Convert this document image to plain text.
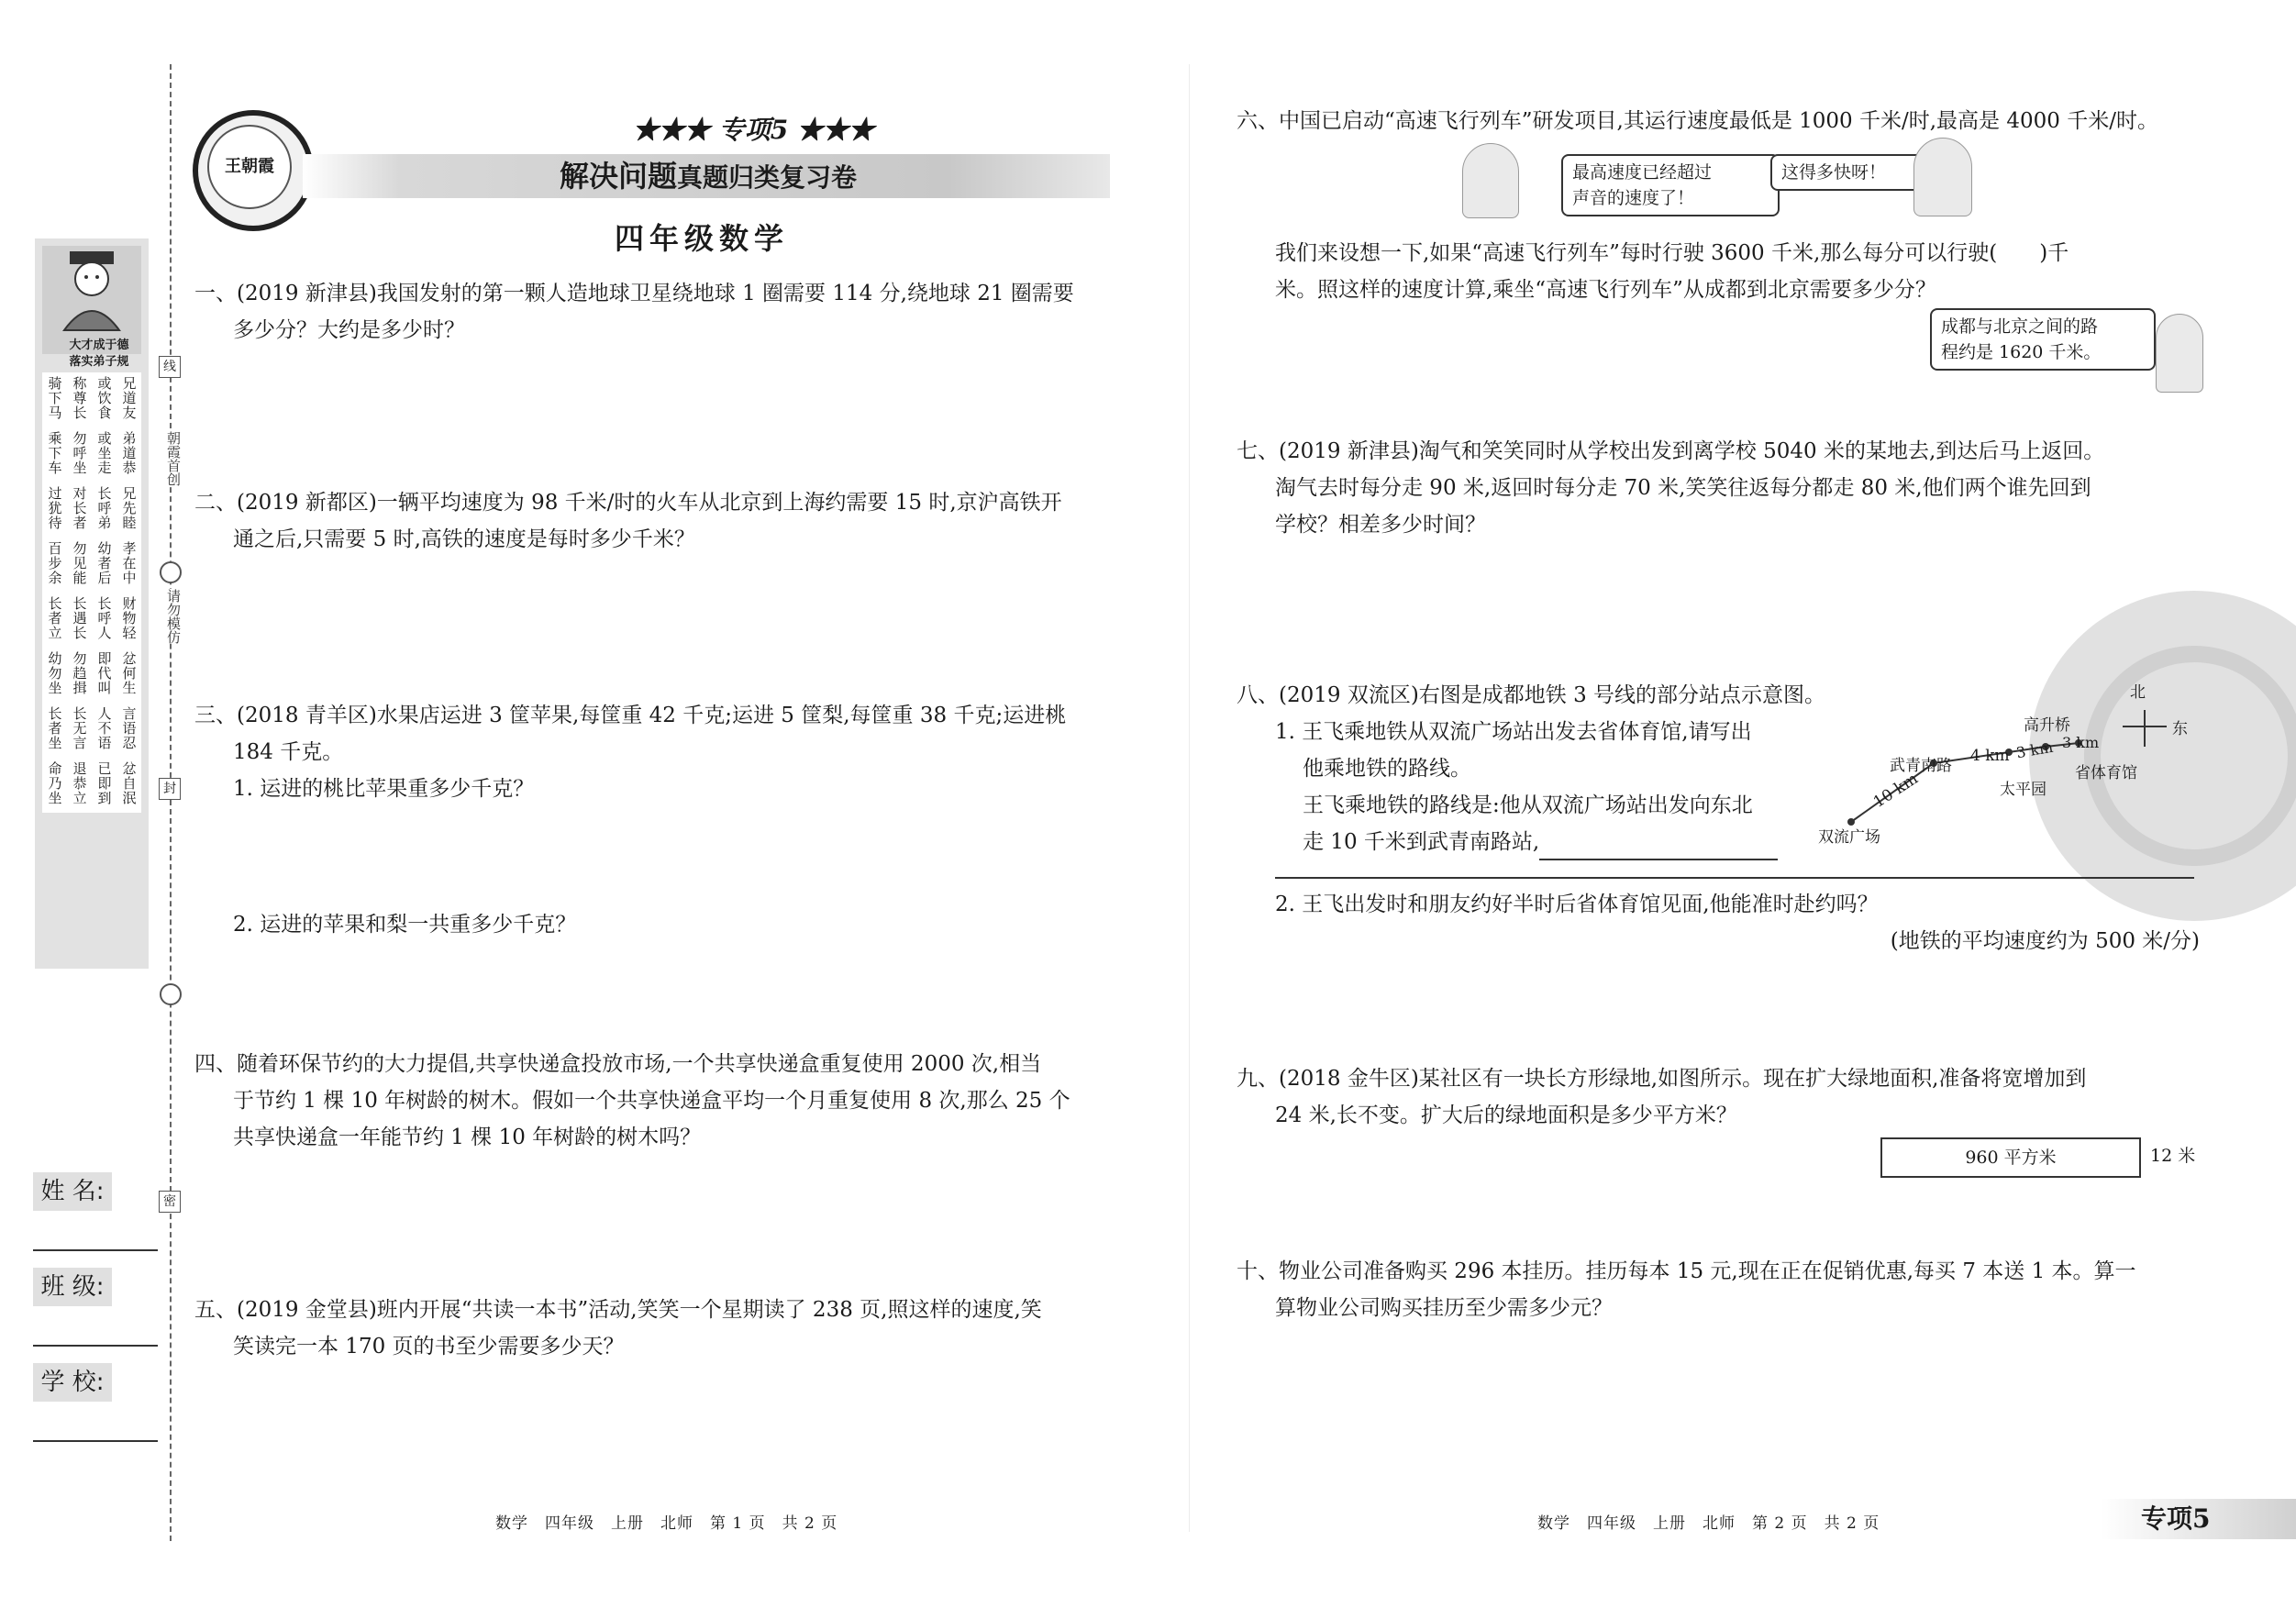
线
朝霞首创
请勿模仿
封
密
大才成于德
落实弟子规
骑下马 称尊长 或饮食 兄道友
乘下车 勿呼坐 或坐走 弟道恭
过犹待 对长者 长呼弟 兄先睦
百步余 勿见能 幼者后 孝在中
长者立 长遇长 长呼人 财物轻
幼勿坐 勿趋揖 即代叫 忿何生
长者坐 长无言 人不语 言语忍
命乃坐 退恭立 已即到 忿自泯
姓 名:
班 级:
学 校:
王朝霞
★★★ 专项5 ★★★
解决问题真题归类复习卷
四年级数学

一、(2019 新津县)我国发射的第一颗人造地球卫星绕地球 1 圈需要 114 分,绕地球 21 圈需要

多少分？大约是多少时？

二、(2019 新都区)一辆平均速度为 98 千米/时的火车从北京到上海约需要 15 时,京沪高铁开

通之后,只需要 5 时,高铁的速度是每时多少千米？

三、(2018 青羊区)水果店运进 3 筐苹果,每筐重 42 千克;运进 5 筐梨,每筐重 38 千克;运进桃

184 千克。

1. 运进的桃比苹果重多少千克？

2. 运进的苹果和梨一共重多少千克？

四、随着环保节约的大力提倡,共享快递盒投放市场,一个共享快递盒重复使用 2000 次,相当

于节约 1 棵 10 年树龄的树木。假如一个共享快递盒平均一个月重复使用 8 次,那么 25 个

共享快递盒一年能节约 1 棵 10 年树龄的树木吗？

五、(2019 金堂县)班内开展“共读一本书”活动,笑笑一个星期读了 238 页,照这样的速度,笑

笑读完一本 170 页的书至少需要多少天？

六、中国已启动“高速飞行列车”研发项目,其运行速度最低是 1000 千米/时,最高是 4000 千米/时。

最高速度已经超过
声音的速度了！
这得多快呀！

我们来设想一下,如果“高速飞行列车”每时行驶 3600 千米,那么每分可以行驶(　　)千

米。照这样的速度计算,乘坐“高速飞行列车”从成都到北京需要多少分？

成都与北京之间的路
程约是 1620 千米。

七、(2019 新津县)淘气和笑笑同时从学校出发到离学校 5040 米的某地去,到达后马上返回。

淘气去时每分走 90 米,返回时每分走 70 米,笑笑往返每分都走 80 米,他们两个谁先回到

学校？相差多少时间？

八、(2019 双流区)右图是成都地铁 3 号线的部分站点示意图。

1. 王飞乘地铁从双流广场站出发去省体育馆,请写出

他乘地铁的路线。

王飞乘地铁的路线是:他从双流广场站出发向东北

走 10 千米到武青南路站,

北
东
双流广场
武青南路
太平园
高升桥
省体育馆
10 km
4 km 3 km 3 km

2. 王飞出发时和朋友约好半时后省体育馆见面,他能准时赴约吗？

(地铁的平均速度约为 500 米/分)

九、(2018 金牛区)某社区有一块长方形绿地,如图所示。现在扩大绿地面积,准备将宽增加到

24 米,长不变。扩大后的绿地面积是多少平方米？

960 平方米	12 米

十、物业公司准备购买 296 本挂历。挂历每本 15 元,现在正在促销优惠,每买 7 本送 1 本。算一

算物业公司购买挂历至少需多少元？

数学　四年级　上册　北师　第 1 页　共 2 页	数学　四年级　上册　北师　第 2 页　共 2 页	专项5
